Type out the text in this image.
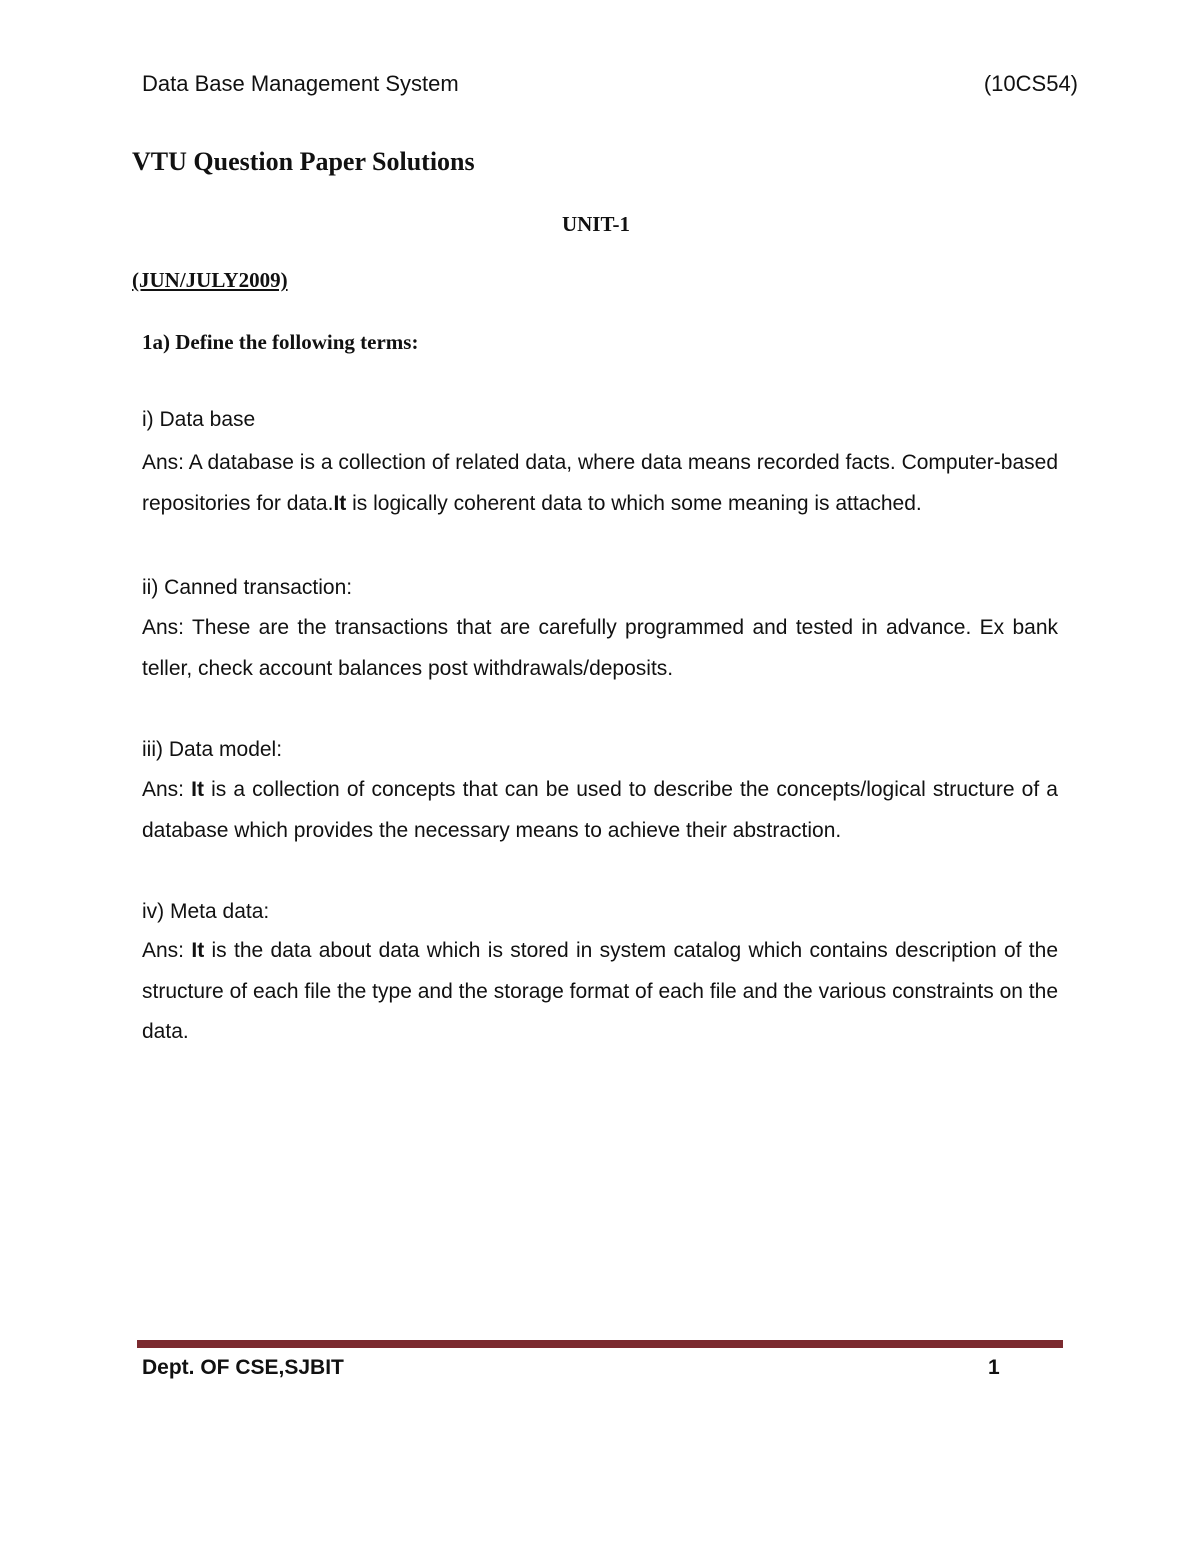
Data Base Management System	(10CS54)
VTU Question Paper Solutions
UNIT-1
(JUN/JULY2009)
1a) Define the following terms:
i) Data base
Ans: A database is a collection of related data, where data means recorded facts. Computer-based repositories for data.It is logically coherent data to which some meaning is attached.
ii) Canned transaction:
Ans: These are the transactions that are carefully programmed and tested in advance. Ex bank teller, check account balances post withdrawals/deposits.
iii) Data model:
Ans: It is a collection of concepts that can be used to describe the concepts/logical structure of a database which provides the necessary means to achieve their abstraction.
iv) Meta data:
Ans: It is the data about data which is stored in system catalog which contains description of the structure of each file the type and the storage format of each file and the various constraints on the data.
Dept. OF CSE,SJBIT	1
